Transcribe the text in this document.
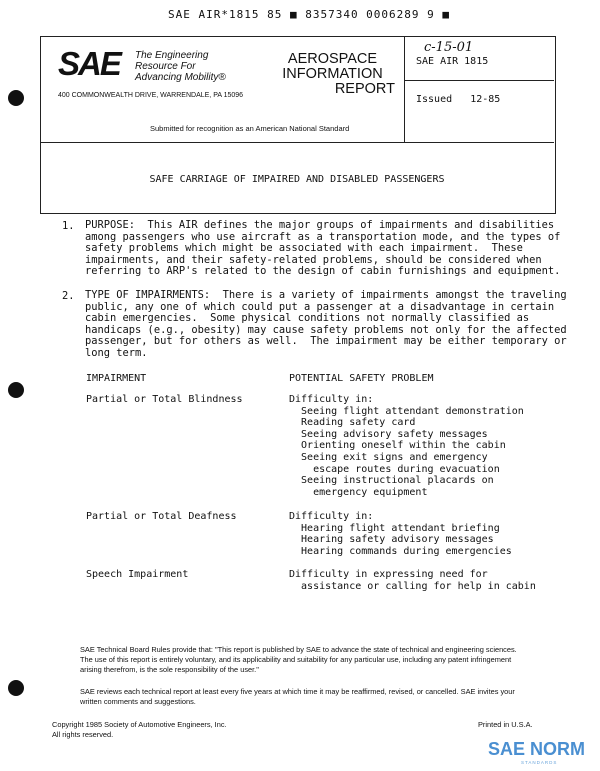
SAE AIR*1815 85 ■ 8357340 0006289 9 ■
SAE The Engineering
Resource For
Advancing Mobility®
400 COMMONWEALTH DRIVE, WARRENDALE, PA 15096
AEROSPACE
INFORMATION
REPORT
c-15-01
SAE AIR 1815
Issued 12-85
Submitted for recognition as an American National Standard
SAFE CARRIAGE OF IMPAIRED AND DISABLED PASSENGERS
1. PURPOSE:  This AIR defines the major groups of impairments and disabilities
among passengers who use aircraft as a transportation mode, and the types of
safety problems which might be associated with each impairment.  These
impairments, and their safety-related problems, should be considered when
referring to ARP's related to the design of cabin furnishings and equipment.
2. TYPE OF IMPAIRMENTS:  There is a variety of impairments amongst the traveling
public, any one of which could put a passenger at a disadvantage in certain
cabin emergencies.  Some physical conditions not normally classified as
handicaps (e.g., obesity) may cause safety problems not only for the affected
passenger, but for others as well.  The impairment may be either temporary or
long term.
IMPAIRMENT	POTENTIAL SAFETY PROBLEM
Partial or Total Blindness	Difficulty in:
Seeing flight attendant demonstration
Reading safety card
Seeing advisory safety messages
Orienting oneself within the cabin
Seeing exit signs and emergency
escape routes during evacuation
Seeing instructional placards on
emergency equipment
Partial or Total Deafness	Difficulty in:
Hearing flight attendant briefing
Hearing safety advisory messages
Hearing commands during emergencies
Speech Impairment	Difficulty in expressing need for
assistance or calling for help in cabin
SAE Technical Board Rules provide that: "This report is published by SAE to advance the state of technical and engineering sciences. The use of this report is entirely voluntary, and its applicability and suitability for any particular use, including any patent infringement arising therefrom, is the sole responsibility of the user."
SAE reviews each technical report at least every five years at which time it may be reaffirmed, revised, or cancelled. SAE invites your written comments and suggestions.
Copyright 1985 Society of Automotive Engineers, Inc.
All rights reserved.
Printed in U.S.A.
SAE NORM
STANDARDS
